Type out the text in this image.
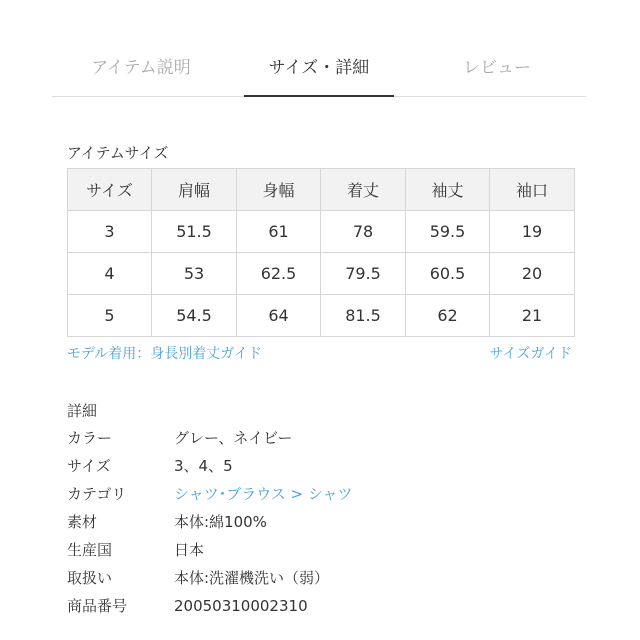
アイテム説明	サイズ・詳細	レビュー
アイテムサイズ
サイズ	肩幅	身幅	着丈	袖丈	袖口
3	51.5	61	78	59.5	19
4	53	62.5	79.5	60.5	20
5	54.5	64	81.5	62	21
モデル着用：身長別着丈ガイド	サイズガイド
詳細
カラー	グレー、ネイビー
サイズ	3、4、5
カテゴリ	シャツ･ブラウス > シャツ
素材	本体:綿100%
生産国	日本
取扱い	本体:洗濯機洗い（弱）
商品番号	20050310002310
